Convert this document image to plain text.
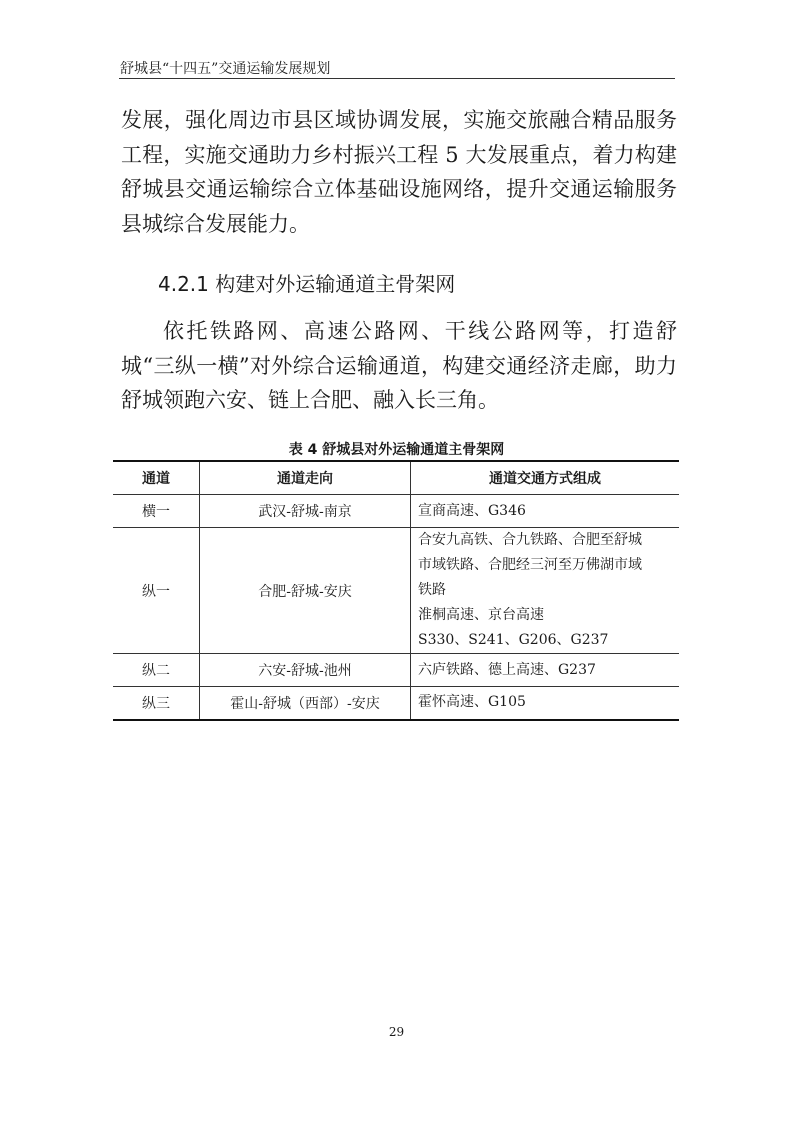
舒城县“十四五”交通运输发展规划

发展，强化周边市县区域协调发展，实施交旅融合精品服务工程，实施交通助力乡村振兴工程 5 大发展重点，着力构建舒城县交通运输综合立体基础设施网络，提升交通运输服务县城综合发展能力。

4.2.1 构建对外运输通道主骨架网

依托铁路网、高速公路网、干线公路网等，打造舒城“三纵一横”对外综合运输通道，构建交通经济走廊，助力舒城领跑六安、链上合肥、融入长三角。

表 4 舒城县对外运输通道主骨架网
通道	通道走向	通道交通方式组成
横一	武汉-舒城-南京	宣商高速、G346

纵一	合肥-舒城-安庆	合安九高铁、合九铁路、合肥至舒城
市域铁路、合肥经三河至万佛湖市域
铁路
淮桐高速、京台高速
S330、S241、G206、G237

纵二	六安-舒城-池州	六庐铁路、德上高速、G237

纵三	霍山-舒城（西部）-安庆	霍怀高速、G105
29
